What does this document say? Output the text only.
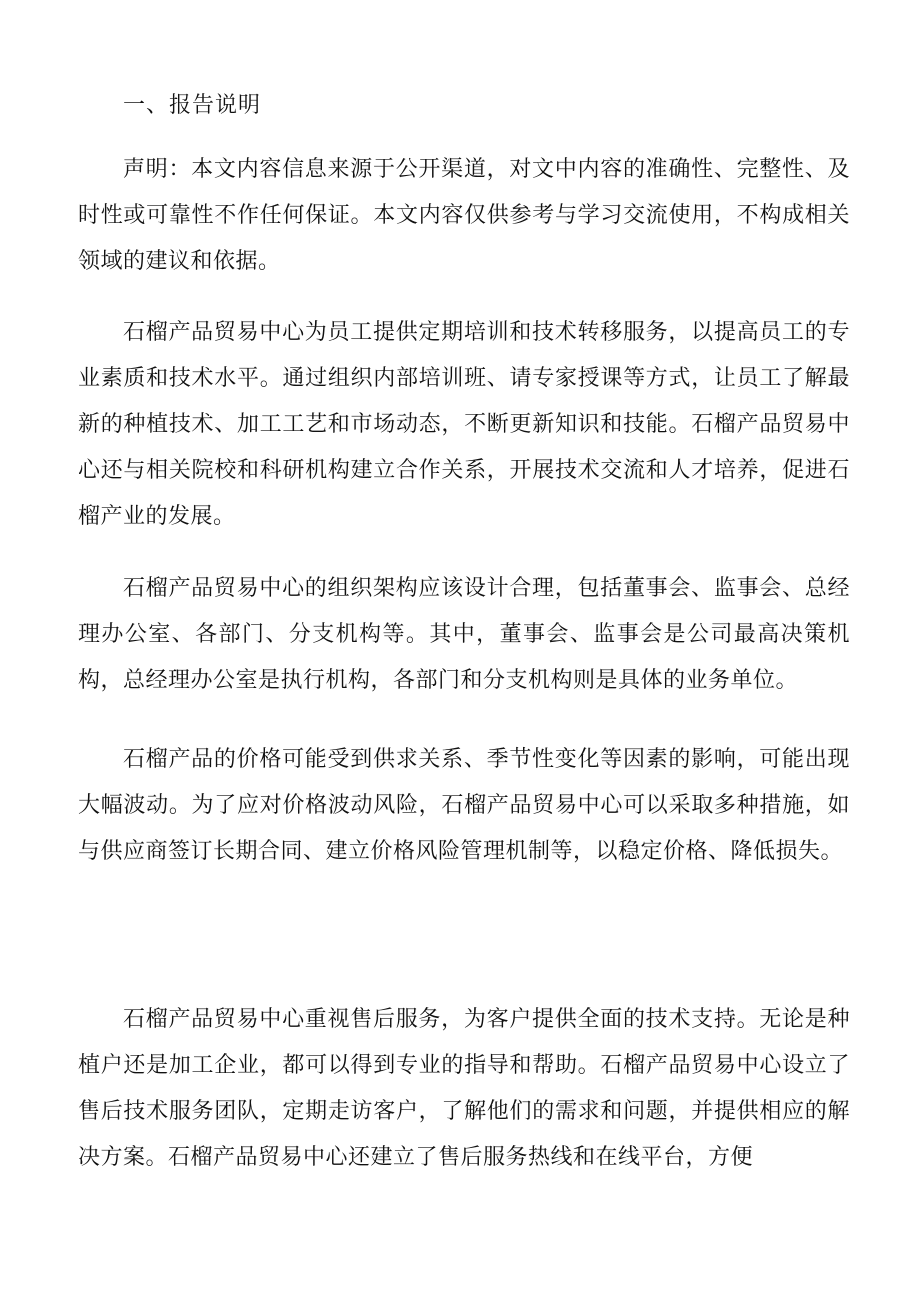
一、报告说明

声明：本文内容信息来源于公开渠道，对文中内容的准确性、完整性、及时性或可靠性不作任何保证。本文内容仅供参考与学习交流使用，不构成相关领域的建议和依据。

石榴产品贸易中心为员工提供定期培训和技术转移服务，以提高员工的专业素质和技术水平。通过组织内部培训班、请专家授课等方式，让员工了解最新的种植技术、加工工艺和市场动态，不断更新知识和技能。石榴产品贸易中心还与相关院校和科研机构建立合作关系，开展技术交流和人才培养，促进石榴产业的发展。

石榴产品贸易中心的组织架构应该设计合理，包括董事会、监事会、总经理办公室、各部门、分支机构等。其中，董事会、监事会是公司最高决策机构，总经理办公室是执行机构，各部门和分支机构则是具体的业务单位。

石榴产品的价格可能受到供求关系、季节性变化等因素的影响，可能出现大幅波动。为了应对价格波动风险，石榴产品贸易中心可以采取多种措施，如与供应商签订长期合同、建立价格风险管理机制等，以稳定价格、降低损失。

石榴产品贸易中心重视售后服务，为客户提供全面的技术支持。无论是种植户还是加工企业，都可以得到专业的指导和帮助。石榴产品贸易中心设立了售后技术服务团队，定期走访客户，了解他们的需求和问题，并提供相应的解决方案。石榴产品贸易中心还建立了售后服务热线和在线平台，方便
